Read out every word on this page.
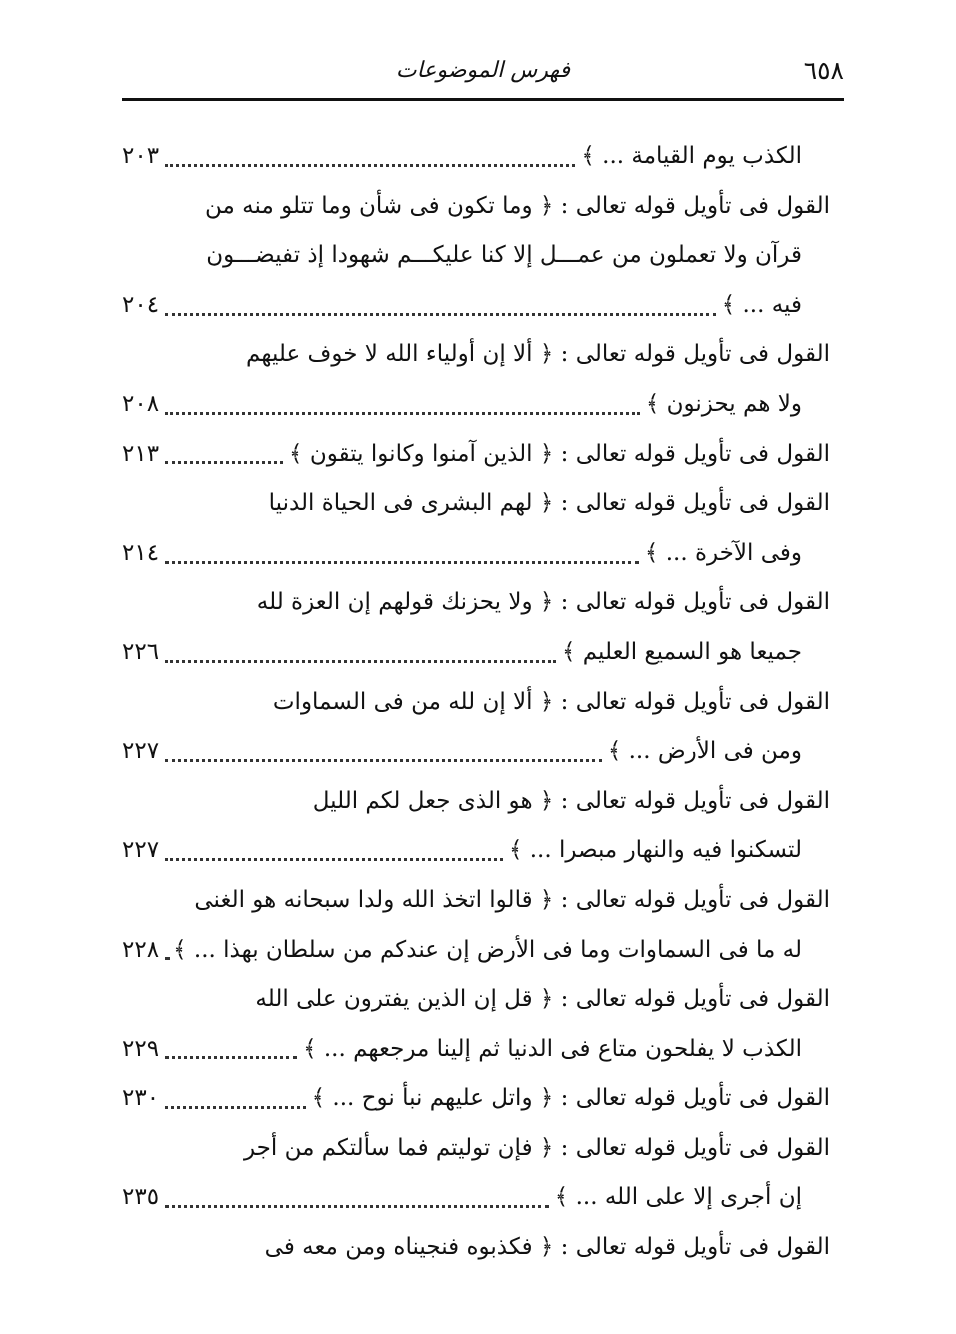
٦٥٨
فهرس الموضوعات
الكذب يوم القيامة ... ﴾
٢٠٣
القول فى تأويل قوله تعالى : ﴿ وما تكون فى شأن وما تتلو منه من
قرآن ولا تعملون من عمـــل إلا كنا عليكـــم شهودا إذ تفيضـــون
فيه ... ﴾
٢٠٤
القول فى تأويل قوله تعالى : ﴿ ألا إن أولياء الله لا خوف عليهم
ولا هم يحزنون ﴾
٢٠٨
القول فى تأويل قوله تعالى : ﴿ الذين آمنوا وكانوا يتقون ﴾
٢١٣
القول فى تأويل قوله تعالى : ﴿ لهم البشرى فى الحياة الدنيا
وفى الآخرة ... ﴾
٢١٤
القول فى تأويل قوله تعالى : ﴿ ولا يحزنك قولهم إن العزة لله
جميعا هو السميع العليم ﴾
٢٢٦
القول فى تأويل قوله تعالى : ﴿ ألا إن لله من فى السماوات
ومن فى الأرض ... ﴾
٢٢٧
القول فى تأويل قوله تعالى : ﴿ هو الذى جعل لكم الليل
لتسكنوا فيه والنهار مبصرا ... ﴾
٢٢٧
القول فى تأويل قوله تعالى : ﴿ قالوا اتخذ الله ولدا سبحانه هو الغنى
له ما فى السماوات وما فى الأرض إن عندكم من سلطان بهذا ... ﴾
٢٢٨
القول فى تأويل قوله تعالى : ﴿ قل إن الذين يفترون على الله
الكذب لا يفلحون متاع فى الدنيا ثم إلينا مرجعهم ... ﴾
٢٢٩
القول فى تأويل قوله تعالى : ﴿ واتل عليهم نبأ نوح ... ﴾
٢٣٠
القول فى تأويل قوله تعالى : ﴿ فإن توليتم فما سألتكم من أجر
إن أجرى إلا على الله ... ﴾
٢٣٥
القول فى تأويل قوله تعالى : ﴿ فكذبوه فنجيناه ومن معه فى
